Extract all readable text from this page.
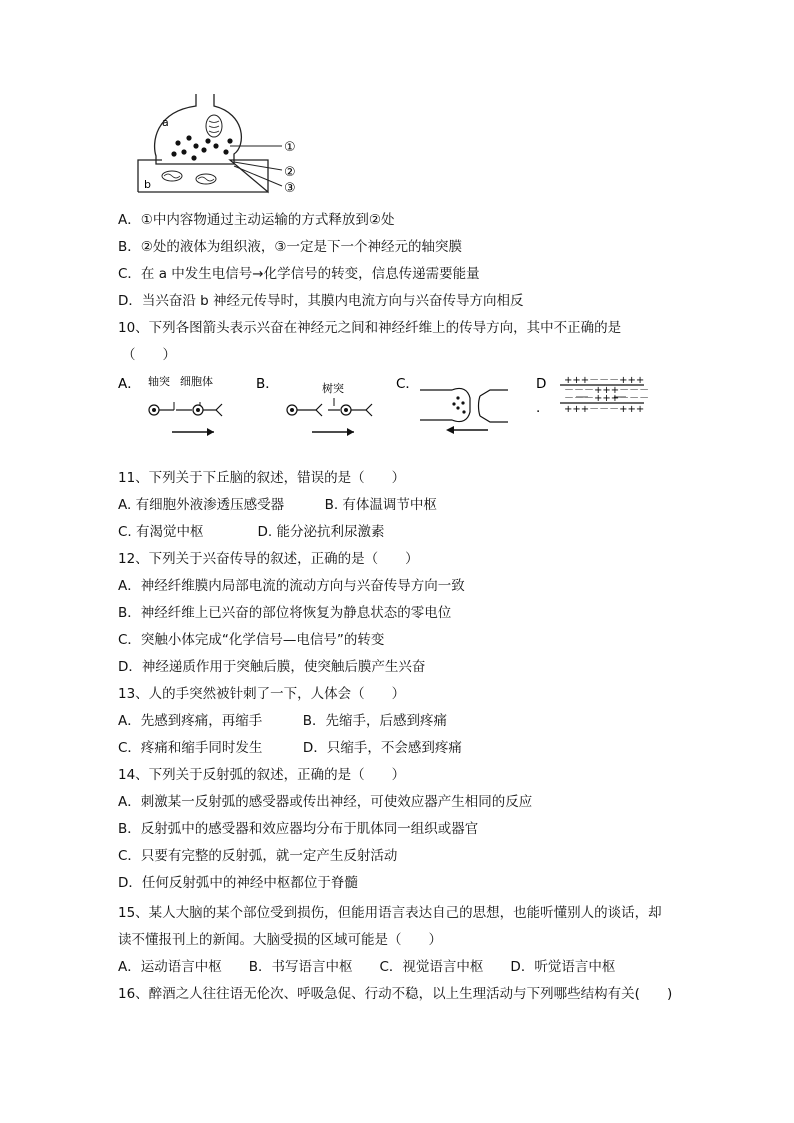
a
b
①
②
③
A．①中内容物通过主动运输的方式释放到②处
B．②处的液体为组织液，③一定是下一个神经元的轴突膜
C．在 a 中发生电信号→化学信号的转变，信息传递需要能量
D．当兴奋沿 b 神经元传导时，其膜内电流方向与兴奋传导方向相反
10、下列各图箭头表示兴奋在神经元之间和神经纤维上的传导方向，其中不正确的是
（　　）
A． 轴突 细胞体	B．	树突	C．	D
.
+++－－－+++
－－－+++－－－
－－－+++－－－
+++－－－+++
11、下列关于下丘脑的叙述，错误的是（　　）
A. 有细胞外液渗透压感受器　　　B. 有体温调节中枢
C. 有渴觉中枢　　　　D. 能分泌抗利尿激素
12、下列关于兴奋传导的叙述，正确的是（　　）
A．神经纤维膜内局部电流的流动方向与兴奋传导方向一致
B．神经纤维上已兴奋的部位将恢复为静息状态的零电位
C．突触小体完成“化学信号—电信号”的转变
D．神经递质作用于突触后膜，使突触后膜产生兴奋
13、人的手突然被针刺了一下，人体会（　　）
A．先感到疼痛，再缩手　　　B．先缩手，后感到疼痛
C．疼痛和缩手同时发生　　　D．只缩手，不会感到疼痛
14、下列关于反射弧的叙述，正确的是（　　）
A．刺激某一反射弧的感受器或传出神经，可使效应器产生相同的反应
B．反射弧中的感受器和效应器均分布于肌体同一组织或器官
C．只要有完整的反射弧，就一定产生反射活动
D．任何反射弧中的神经中枢都位于脊髓
15、某人大脑的某个部位受到损伤，但能用语言表达自己的思想，也能听懂别人的谈话，却
读不懂报刊上的新闻。大脑受损的区域可能是（　　）
A．运动语言中枢　　B．书写语言中枢　　C．视觉语言中枢　　D．听觉语言中枢
16、醉酒之人往往语无伦次、呼吸急促、行动不稳，以上生理活动与下列哪些结构有关(　　)
